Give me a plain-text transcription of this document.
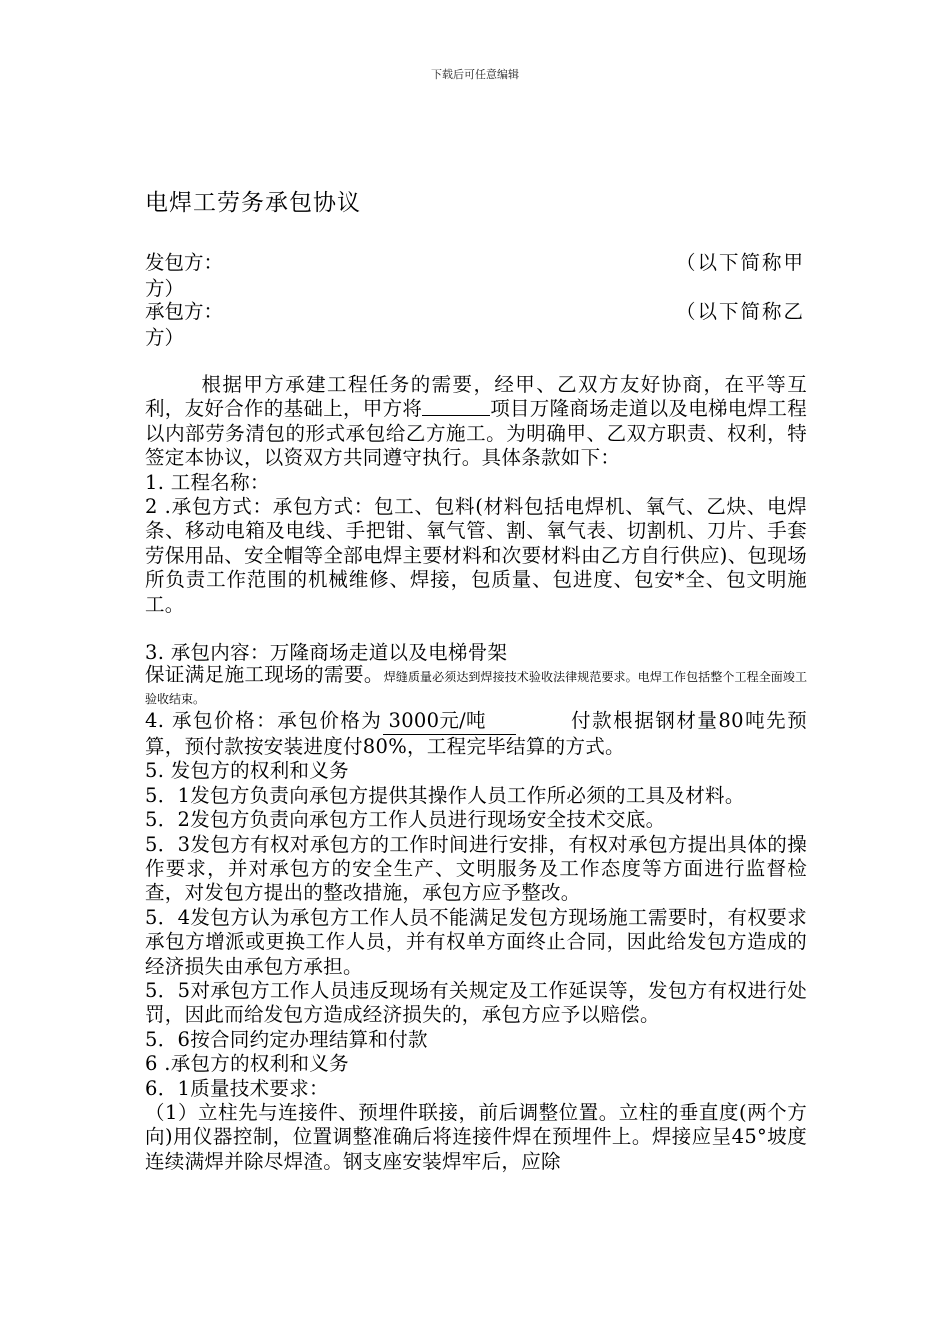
下载后可任意编辑
电焊工劳务承包协议
发包方：	（以下简称甲
方）
承包方：	（以下简称乙
方）

根据甲方承建工程任务的需要，经甲、乙双方友好协商，在平等互利，友好合作的基础上，甲方将	项目万隆商场走道以及电梯电焊工程以内部劳务清包的形式承包给乙方施工。为明确甲、乙双方职责、权利，特签定本协议，以资双方共同遵守执行。具体条款如下：

1. 工程名称：

2 .承包方式：承包方式：包工、包料(材料包括电焊机、氧气、乙炔、电焊条、移动电箱及电线、手把钳、氧气管、割、氧气表、切割机、刀片、手套劳保用品、安全帽等全部电焊主要材料和次要材料由乙方自行供应)、包现场所负责工作范围的机械维修、焊接，包质量、包进度、包安*全、包文明施工。

3. 承包内容：万隆商场走道以及电梯骨架

保证满足施工现场的需要。焊缝质量必须达到焊接技术验收法律规范要求。电焊工作包括整个工程全面竣工验收结束。

4. 承包价格：承包价格为 3000元/吨	付款根据钢材量80吨先预算，预付款按安装进度付80%，工程完毕结算的方式。

5. 发包方的权利和义务

5．1发包方负责向承包方提供其操作人员工作所必须的工具及材料。

5．2发包方负责向承包方工作人员进行现场安全技术交底。

5．3发包方有权对承包方的工作时间进行安排，有权对承包方提出具体的操作要求，并对承包方的安全生产、文明服务及工作态度等方面进行监督检查，对发包方提出的整改措施，承包方应予整改。

5．4发包方认为承包方工作人员不能满足发包方现场施工需要时，有权要求承包方增派或更换工作人员，并有权单方面终止合同，因此给发包方造成的经济损失由承包方承担。

5．5对承包方工作人员违反现场有关规定及工作延误等，发包方有权进行处罚，因此而给发包方造成经济损失的，承包方应予以赔偿。

5．6按合同约定办理结算和付款

6 .承包方的权利和义务

6．1质量技术要求：

（1）立柱先与连接件、预埋件联接，前后调整位置。立柱的垂直度(两个方向)用仪器控制，位置调整准确后将连接件焊在预埋件上。焊接应呈45°坡度连续满焊并除尽焊渣。钢支座安装焊牢后，应除
